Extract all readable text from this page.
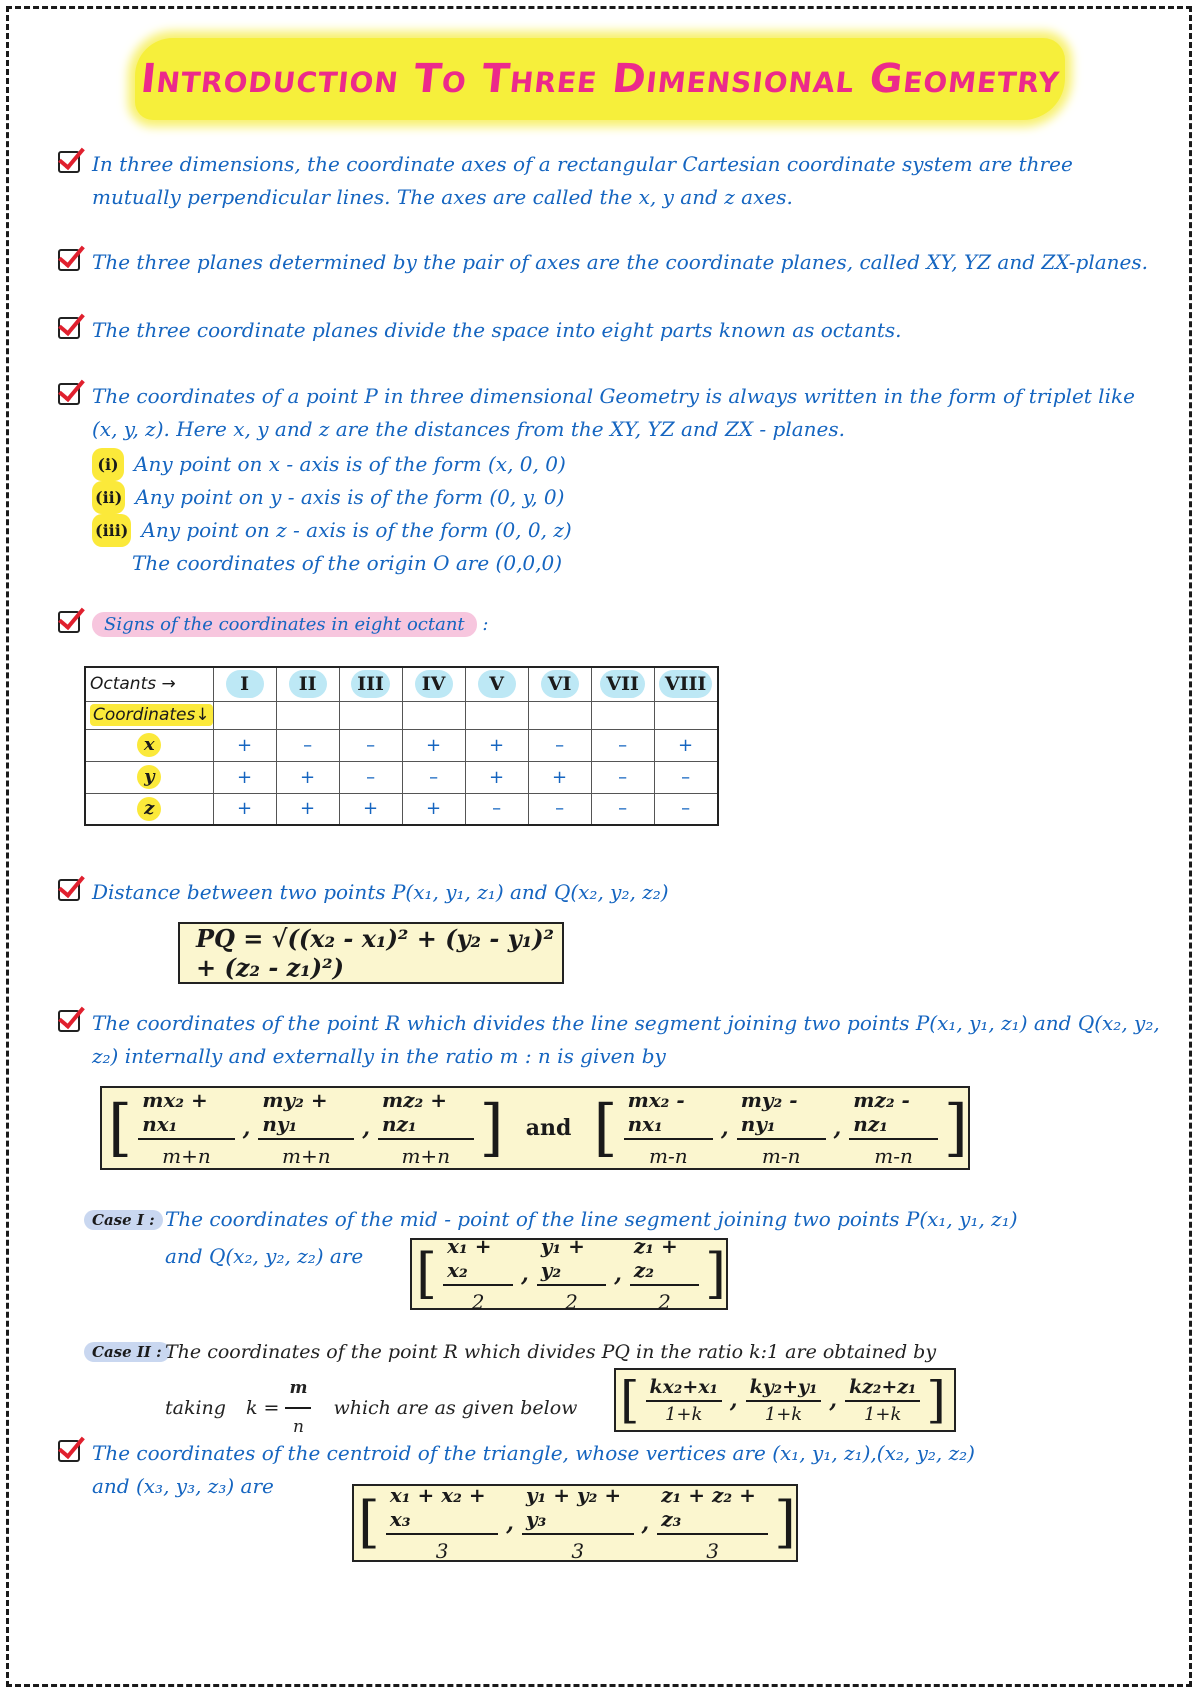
Introduction To Three Dimensional Geometry

In three dimensions, the coordinate axes of a rectangular Cartesian coordinate system are three mutually perpendicular lines. The axes are called the x, y and z axes.

The three planes determined by the pair of axes are the coordinate planes, called XY, YZ and ZX-planes.

The three coordinate planes divide the space into eight parts known as octants.

The coordinates of a point P in three dimensional Geometry is always written in the form of triplet like (x, y, z). Here x, y and z are the distances from the XY, YZ and ZX - planes.

(i) Any point on x - axis is of the form (x, 0, 0)
(ii) Any point on y - axis is of the form (0, y, 0)
(iii) Any point on z - axis is of the form (0, 0, z)
The coordinates of the origin O are (0,0,0)

Signs of the coordinates in eight octant :

Octants →	I	II	III	IV	V	VI	VII	VIII
Coordinates↓								
x	+	–	–	+	+	–	–	+
y	+	+	–	–	+	+	–	–
z	+	+	+	+	–	–	–	–

Distance between two points P(x₁, y₁, z₁) and Q(x₂, y₂, z₂)

PQ = √((x₂ - x₁)² + (y₂ - y₁)² + (z₂ - z₁)²)

The coordinates of the point R which divides the line segment joining two points P(x₁, y₁, z₁) and Q(x₂, y₂, z₂) internally and externally in the ratio m : n is given by

[ $\frac{\text{mx₂ + nx₁}}{m+n}$ , $\frac{\text{my₂ + ny₁}}{m+n}$ , $\frac{\text{mz₂ + nz₁}}{m+n}$ ] and [ $\frac{\text{mx₂ - nx₁}}{m-n}$ , $\frac{\text{my₂ - ny₁}}{m-n}$ , $\frac{\text{mz₂ - nz₁}}{m-n}$ ]
Case I : The coordinates of the mid - point of the line segment joining two points P(x₁, y₁, z₁)
and Q(x₂, y₂, z₂) are [ $\frac{\text{x₁ + x₂}}{2}$ , $\frac{\text{y₁ + y₂}}{2}$ , $\frac{\text{z₁ + z₂}}{2}$ ]
Case II : The coordinates of the point R which divides PQ in the ratio k:1 are obtained by
taking $k = \frac{m}{n}$ which are as given below [ $\frac{\text{kx₂+x₁}}{1+k}$ , $\frac{\text{ky₂+y₁}}{1+k}$ , $\frac{\text{kz₂+z₁}}{1+k}$ ]

The coordinates of the centroid of the triangle, whose vertices are (x₁, y₁, z₁),(x₂, y₂, z₂)

and (x₃, y₃, z₃) are

[ $\frac{\text{x₁ + x₂ + x₃}}{3}$ , $\frac{\text{y₁ + y₂ + y₃}}{3}$ , $\frac{\text{z₁ + z₂ + z₃}}{3}$ ]
